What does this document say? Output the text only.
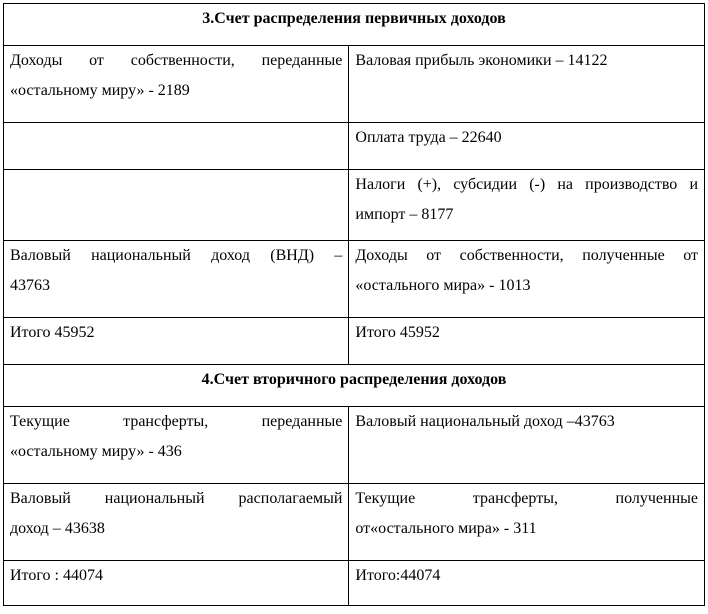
3.Счет распределения первичных доходов	

Доходы от собственности, переданные
«остальному миру» - 2189	Валовая прибыль экономики – 14122

	Оплата труда – 22640

	Налоги (+), субсидии (-) на производство и
импорт – 8177

Валовый национальный доход (ВНД) –
43763	Доходы от собственности, полученные от
«остального мира» - 1013

Итого 45952	Итого 45952
4.Счет вторичного распределения доходов	

Текущие трансферты, переданные
«остальному миру» - 436	Валовый национальный доход –43763

Валовый национальный располагаемый
доход – 43638	Текущие трансферты, полученные
от«остального мира» - 311

Итого : 44074	Итого:44074
